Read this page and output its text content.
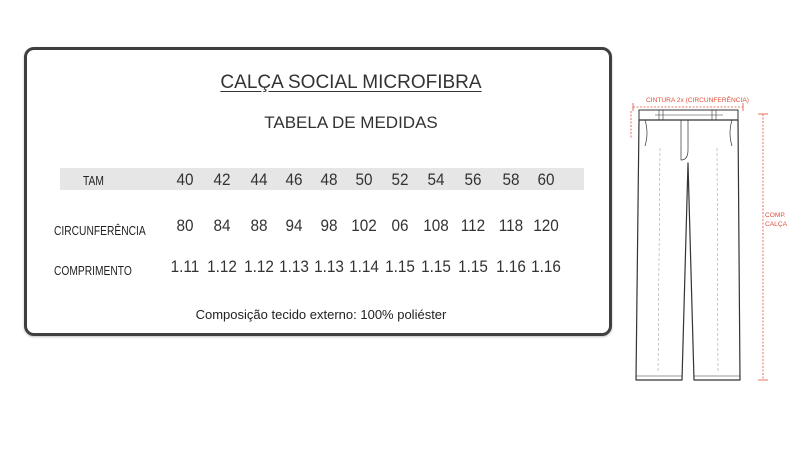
CALÇA SOCIAL MICROFIBRA
TABELA DE MEDIDAS
TAM	40	42	44	46	48	50	52	54	56	58	60
CIRCUNFERÊNCIA	80	84	88	94	98 102 06 108 112 118 120
COMPRIMENTO 1.11 1.12 1.12 1.13 1.13 1.14 1.15 1.15 1.15 1.16 1.16
Composição tecido externo: 100% poliéster
CINTURA 2x (CIRCUNFERÊNCIA)
COMP.
CALÇA
